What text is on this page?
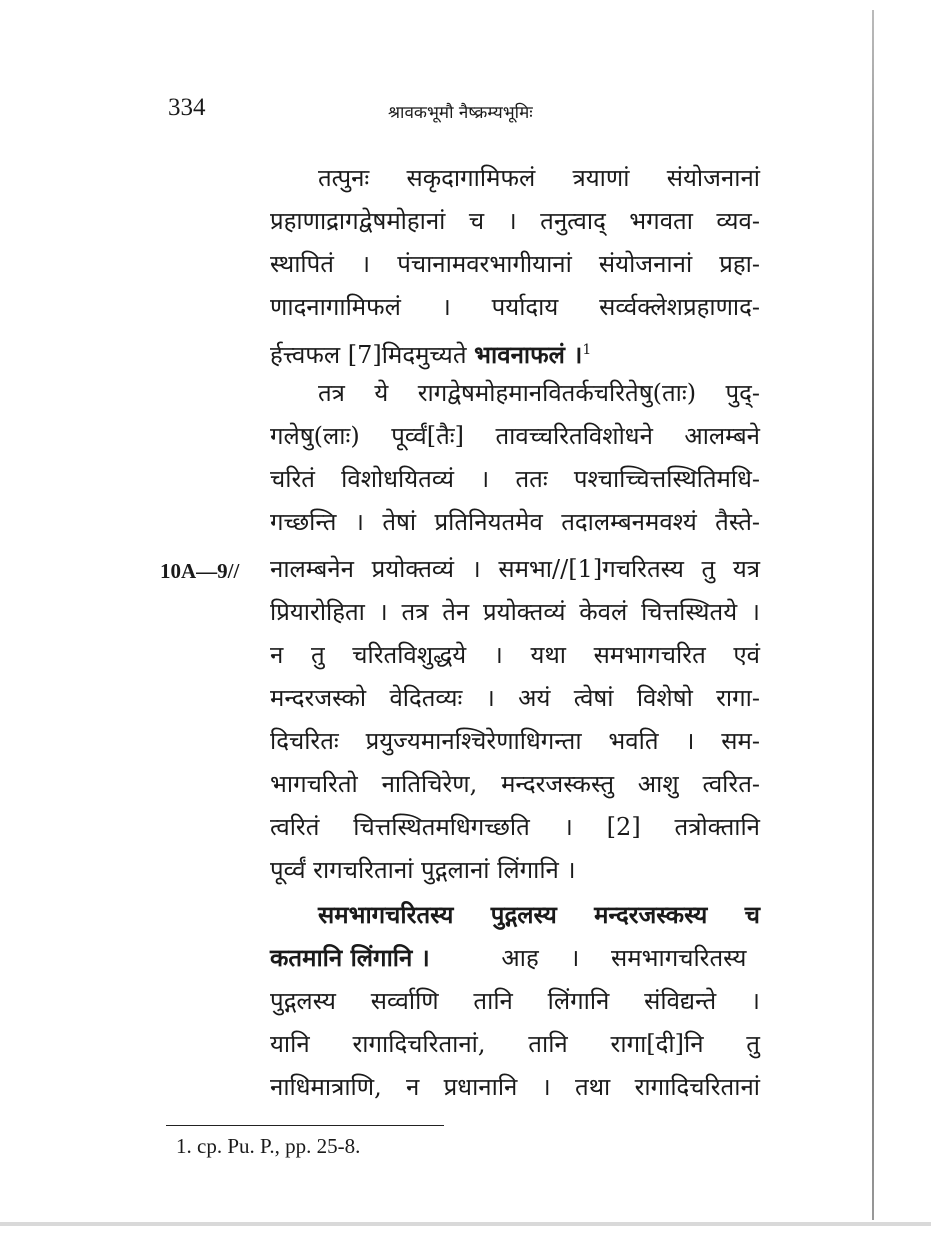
334	श्रावकभूमौ नैष्क्रम्यभूमिः
तत्पुनः सकृदागामिफलं त्रयाणां संयोजनानां
प्रहाणाद्रागद्वेषमोहानां च । तनुत्वाद् भगवता व्यव-
स्थापितं । पंचानामवरभागीयानां संयोजनानां प्रहा-
णादनागामिफलं । पर्यादाय सर्व्वक्लेशप्रहाणाद-
र्हत्त्वफल [7]मिदमुच्यते भावनाफलं ।$^1$
तत्र ये रागद्वेषमोहमानवितर्कचरितेषु(ताः) पुद्-
गलेषु(लाः) पूर्व्वं[तैः] तावच्चरितविशोधने आलम्बने
चरितं विशोधयितव्यं । ततः पश्चाच्चित्तस्थितिमधि-
गच्छन्ति । तेषां प्रतिनियतमेव तदालम्बनमवश्यं तैस्ते-
10A—9// नालम्बनेन प्रयोक्तव्यं । समभा//[1]गचरितस्य तु यत्र
प्रियारोहिता । तत्र तेन प्रयोक्तव्यं केवलं चित्तस्थितये ।
न तु चरितविशुद्धये । यथा समभागचरित एवं
मन्दरजस्को वेदितव्यः । अयं त्वेषां विशेषो रागा-
दिचरितः प्रयुज्यमानश्चिरेणाधिगन्ता भवति । सम-
भागचरितो नातिचिरेण, मन्दरजस्कस्तु आशु त्वरित-
त्वरितं चित्तस्थितमधिगच्छति । [2] तत्रोक्तानि
पूर्व्वं रागचरितानां पुद्गलानां लिंगानि ।
समभागचरितस्य पुद्गलस्य मन्दरजस्कस्य च
कतमानि लिंगानि । आह । समभागचरितस्य
पुद्गलस्य सर्व्वाणि तानि लिंगानि संविद्यन्ते ।
यानि रागादिचरितानां, तानि रागा[दी]नि तु
नाधिमात्राणि, न प्रधानानि । तथा रागादिचरितानां
1. cp. Pu. P., pp. 25-8.
